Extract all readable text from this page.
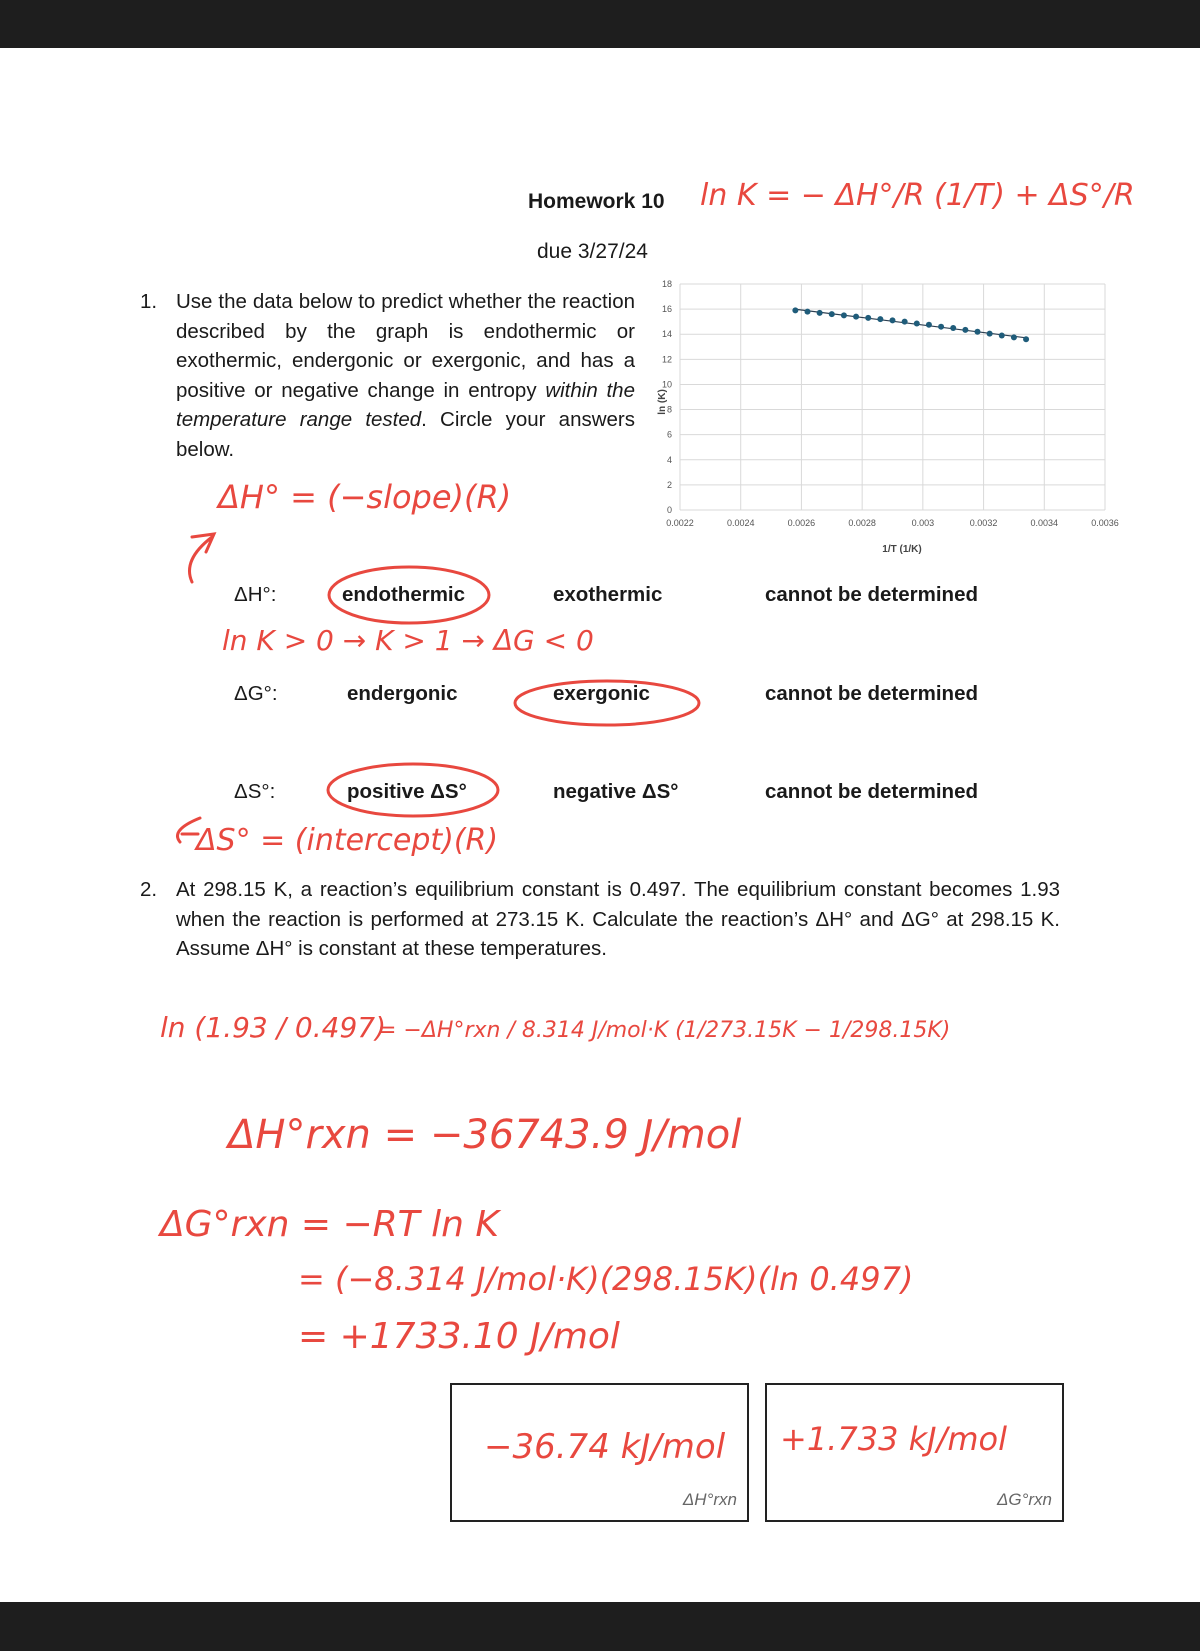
Homework 10
due 3/27/24
1. Use the data below to predict whether the reaction described by the graph is endothermic or exothermic, endergonic or exergonic, and has a positive or negative change in entropy within the temperature range tested. Circle your answers below.
0
2
4
6
8
10
12
14
16
18
0.0022	0.0024	0.0026	0.0028	0.003	0.0032	0.0034	0.0036
1/T (1/K)
ln (K)
ΔH°:	endothermic	exothermic	cannot be determined
ΔG°:	endergonic	exergonic	cannot be determined
ΔS°:	positive ΔS°	negative ΔS°	cannot be determined
2. At 298.15 K, a reaction’s equilibrium constant is 0.497. The equilibrium constant becomes 1.93 when the reaction is performed at 273.15 K. Calculate the reaction’s ΔH° and ΔG° at 298.15 K. Assume ΔH° is constant at these temperatures.
ΔH°rxn	ΔG°rxn
ln K = − ΔH°/R (1/T) + ΔS°/R
ΔH° = (−slope)(R)
ln K > 0 → K > 1 → ΔG < 0
ΔS° = (intercept)(R)
ln (1.93 / 0.497)
= −ΔH°rxn / 8.314 J/mol·K (1/273.15K − 1/298.15K)
ΔH°rxn = −36743.9 J/mol
ΔG°rxn = −RT ln K
= (−8.314 J/mol·K)(298.15K)(ln 0.497)
= +1733.10 J/mol
−36.74 kJ/mol +1.733 kJ/mol
